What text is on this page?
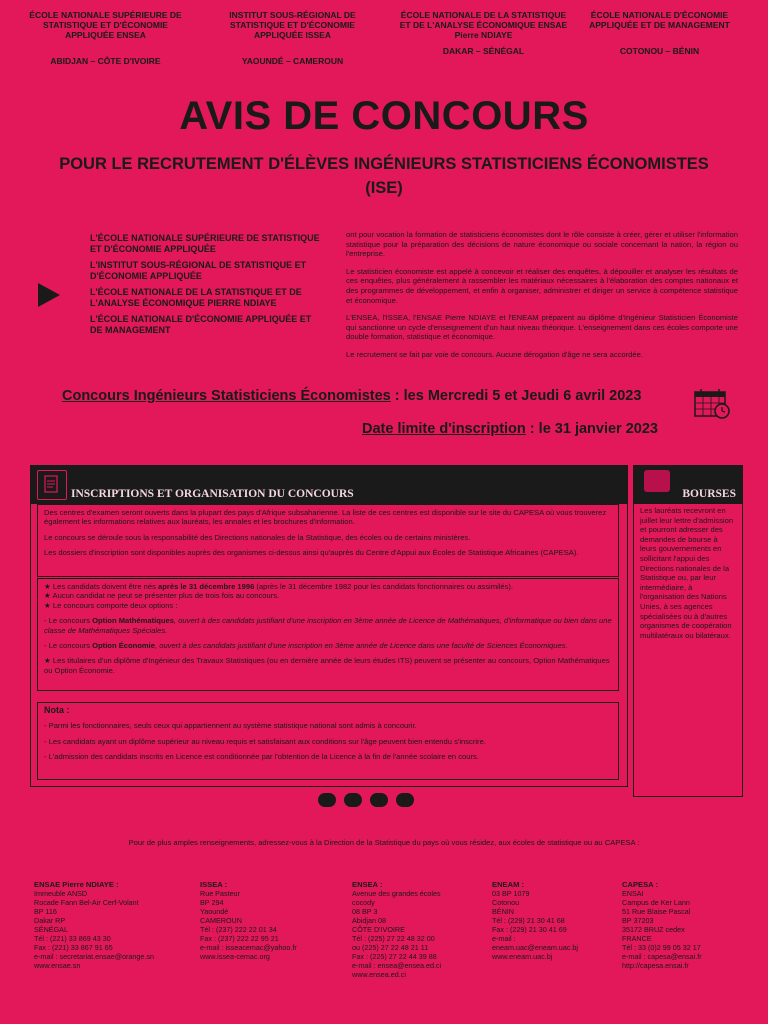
ÉCOLE NATIONALE SUPÉRIEURE DE STATISTIQUE ET D'ÉCONOMIE APPLIQUÉE ENSEA
ABIDJAN – CÔTE D'IVOIRE
INSTITUT SOUS-RÉGIONAL DE STATISTIQUE ET D'ÉCONOMIE APPLIQUÉE ISSEA
YAOUNDÉ – CAMEROUN
ÉCOLE NATIONALE DE LA STATISTIQUE ET DE L'ANALYSE ÉCONOMIQUE ENSAE Pierre NDIAYE
DAKAR – SÉNÉGAL
ÉCOLE NATIONALE D'ÉCONOMIE APPLIQUÉE ET DE MANAGEMENT
COTONOU – BÉNIN
AVIS DE CONCOURS
POUR LE RECRUTEMENT D'ÉLÈVES INGÉNIEURS STATISTICIENS ÉCONOMISTES
(ISE)
L'ÉCOLE NATIONALE SUPÉRIEURE DE STATISTIQUE ET D'ÉCONOMIE APPLIQUÉE
L'INSTITUT SOUS-RÉGIONAL DE STATISTIQUE ET D'ÉCONOMIE APPLIQUÉE
L'ÉCOLE NATIONALE DE LA STATISTIQUE ET DE L'ANALYSE ÉCONOMIQUE PIERRE NDIAYE
L'ÉCOLE NATIONALE D'ÉCONOMIE APPLIQUÉE ET DE MANAGEMENT

ont pour vocation la formation de statisticiens économistes dont le rôle consiste à créer, gérer et utiliser l'information statistique pour la préparation des décisions de nature économique ou sociale concernant la nation, la région ou l'entreprise.

Le statisticien économiste est appelé à concevoir et réaliser des enquêtes, à dépouiller et analyser les résultats de ces enquêtes, plus généralement à rassembler les matériaux nécessaires à l'élaboration des comptes nationaux et des programmes de développement, et enfin à organiser, administrer et diriger un service à compétence statistique et économique.

L'ENSEA, l'ISSEA, l'ENSAE Pierre NDIAYE et l'ENEAM préparent au diplôme d'Ingénieur Statisticien Économiste qui sanctionne un cycle d'enseignement d'un haut niveau théorique. L'enseignement dans ces écoles comporte une double formation, statistique et économique.

Le recrutement se fait par voie de concours. Aucune dérogation d'âge ne sera accordée.

Concours Ingénieurs Statisticiens Économistes : les Mercredi 5 et Jeudi 6 avril 2023
Date limite d'inscription : le 31 janvier 2023
INSCRIPTIONS ET ORGANISATION DU CONCOURS

Des centres d'examen seront ouverts dans la plupart des pays d'Afrique subsaharienne. La liste de ces centres est disponible sur le site du CAPESA où vous trouverez également les informations relatives aux lauréats, les annales et les brochures d'information.

Le concours se déroule sous la responsabilité des Directions nationales de la Statistique, des écoles ou de certains ministères.

Les dossiers d'inscription sont disponibles auprès des organismes ci-dessus ainsi qu'auprès du Centre d'Appui aux Écoles de Statistique Africaines (CAPESA).

★ Les candidats doivent être nés après le 31 décembre 1996 (après le 31 décembre 1982 pour les candidats fonctionnaires ou assimilés).
★ Aucun candidat ne peut se présenter plus de trois fois au concours.
★ Le concours comporte deux options :

- Le concours Option Mathématiques, ouvert à des candidats justifiant d'une inscription en 3ème année de Licence de Mathématiques, d'informatique ou bien dans une classe de Mathématiques Spéciales.

- Le concours Option Économie, ouvert à des candidats justifiant d'une inscription en 3ème année de Licence dans une faculté de Sciences Économiques.

★ Les titulaires d'un diplôme d'Ingénieur des Travaux Statistiques (ou en dernière année de leurs études ITS) peuvent se présenter au concours, Option Mathématiques ou Option Économie.

Nota :

- Parmi les fonctionnaires, seuls ceux qui appartiennent au système statistique national sont admis à concourir.

- Les candidats ayant un diplôme supérieur au niveau requis et satisfaisant aux conditions sur l'âge peuvent bien entendu s'inscrire.

- L'admission des candidats inscrits en Licence est conditionnée par l'obtention de la Licence à la fin de l'année scolaire en cours.

BOURSES
Les lauréats recevront en juillet leur lettre d'admission et pourront adresser des demandes de bourse à leurs gouvernements en sollicitant l'appui des Directions nationales de la Statistique ou, par leur intermédiaire, à l'organisation des Nations Unies, à ses agences spécialisées ou à d'autres organismes de coopération multilatéraux ou bilatéraux.
Pour de plus amples renseignements, adressez-vous à la Direction de la Statistique du pays où vous résidez, aux écoles de statistique ou au CAPESA :
ENSAE Pierre NDIAYE :
Immeuble ANSD
Rocade Fann Bel-Air Cerf-Volant
BP 116
Dakar RP
SÉNÉGAL
Tél : (221) 33 869 43 30
Fax : (221) 33 867 91 65
e-mail : secretariat.ensae@orange.sn
www.ensae.sn
ISSEA :
Rue Pasteur
BP 294
Yaoundé
CAMEROUN
Tél : (237) 222 22 01 34
Fax : (237) 222 22 95 21
e-mail : isseacemac@yahoo.fr
www.issea-cemac.org
ENSEA :
Avenue des grandes écoles
cocody
08 BP 3
Abidjan 08
CÔTE D'IVOIRE
Tél : (225) 27 22 48 32 00
ou (225) 27 22 48 21 11
Fax : (225) 27 22 44 39 88
e-mail : ensea@ensea.ed.ci
www.ensea.ed.ci
ENEAM :
03 BP 1079
Cotonou
BÉNIN
Tél : (229) 21 30 41 68
Fax : (229) 21 30 41 69
e-mail :
eneam.uac@eneam.uac.bj
www.eneam.uac.bj
CAPESA :
ENSAI
Campus de Ker Lann
51 Rue Blaise Pascal
BP 37203
35172 BRUZ cedex
FRANCE
Tél : 33 (0)2 99 05 32 17
e-mail : capesa@ensai.fr
http://capesa.ensai.fr
